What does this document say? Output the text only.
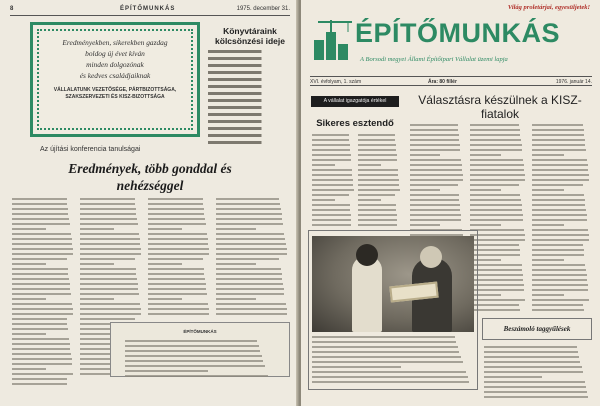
8	ÉPÍTŐMUNKÁS	1975. december 31.
Eredményekben, sikerekben gazdag
boldog új évet kíván
minden dolgozónak
és kedves családjaiknak
VÁLLALATUNK VEZETŐSÉGE, PÁRTBIZOTTSÁGA, SZAKSZERVEZETI ÉS KISZ-BIZOTTSÁGA
Könyvtáraink kölcsönzési ideje
Az újítási konferencia tanulságai
Eredmények, több gonddal és nehézséggel
ÉPÍTŐMUNKÁS
Világ proletárjai, egyesüljetek!
ÉPÍTŐMUNKÁS
A Borsodi megyei Állami Építőipari Vállalat üzemi lapja
XVI. évfolyam, 1. szám	Ára: 80 fillér	1976. január 14.
A vállalat igazgatója értékel
Sikeres esztendő
Választásra készülnek a KISZ-fiatalok
Beszámoló taggyűlések
